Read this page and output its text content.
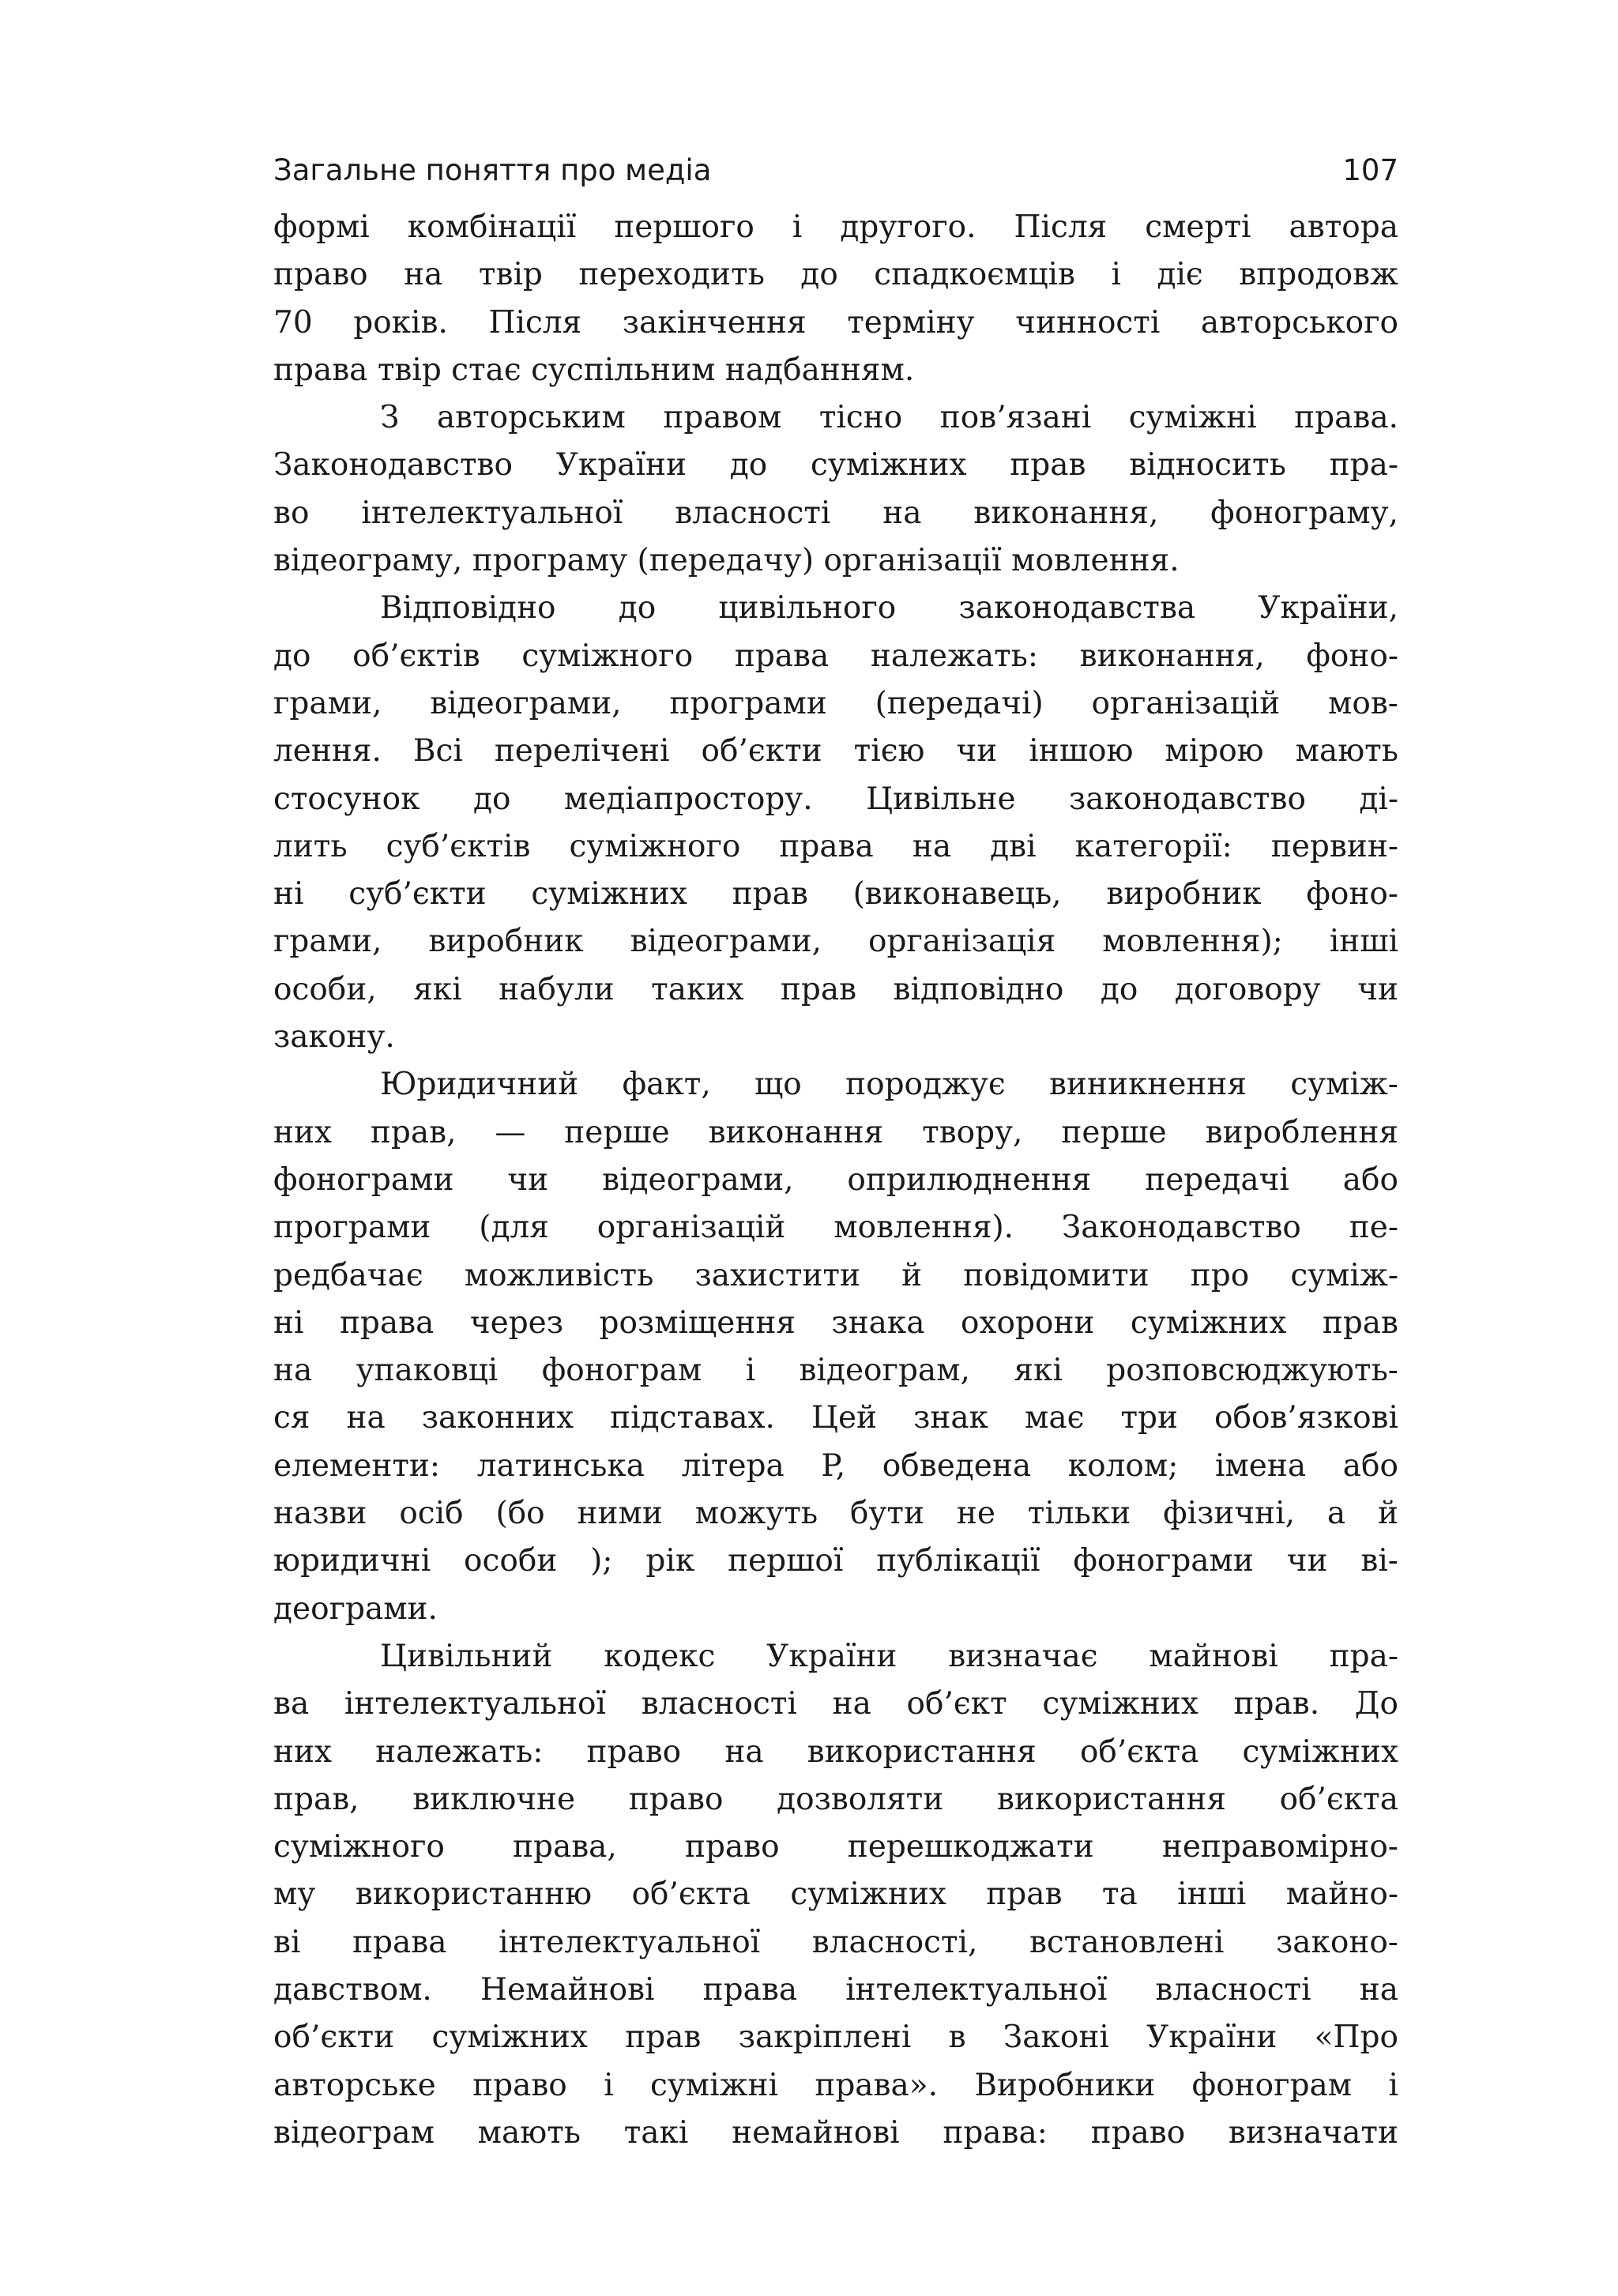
Загальне поняття про медіа	107
формі комбінації першого і другого. Після смерті автора
право на твір переходить до спадкоємців і діє впродовж
70 років. Після закінчення терміну чинності авторського
права твір стає суспільним надбанням.
З авторським правом тісно пов’язані суміжні права.
Законодавство України до суміжних прав відносить пра-
во інтелектуальної власності на виконання, фонограму,
відеограму, програму (передачу) організації мовлення.
Відповідно до цивільного законодавства України,
до об’єктів суміжного права належать: виконання, фоно-
грами, відеограми, програми (передачі) організацій мов-
лення. Всі перелічені об’єкти тією чи іншою мірою мають
стосунок до медіапростору. Цивільне законодавство ді-
лить суб’єктів суміжного права на дві категорії: первин-
ні суб’єкти суміжних прав (виконавець, виробник фоно-
грами, виробник відеограми, організація мовлення); інші
особи, які набули таких прав відповідно до договору чи
закону.
Юридичний факт, що породжує виникнення суміж-
них прав, — перше виконання твору, перше вироблення
фонограми чи відеограми, оприлюднення передачі або
програми (для організацій мовлення). Законодавство пе-
редбачає можливість захистити й повідомити про суміж-
ні права через розміщення знака охорони суміжних прав
на упаковці фонограм і відеограм, які розповсюджують-
ся на законних підставах. Цей знак має три обов’язкові
елементи: латинська літера P, обведена колом; імена або
назви осіб (бо ними можуть бути не тільки фізичні, а й
юридичні особи ); рік першої публікації фонограми чи ві-
деограми.
Цивільний кодекс України визначає майнові пра-
ва інтелектуальної власності на об’єкт суміжних прав. До
них належать: право на використання об’єкта суміжних
прав, виключне право дозволяти використання об’єкта
суміжного права, право перешкоджати неправомірно-
му використанню об’єкта суміжних прав та інші майно-
ві права інтелектуальної власності, встановлені законо-
давством. Немайнові права інтелектуальної власності на
об’єкти суміжних прав закріплені в Законі України «Про
авторське право і суміжні права». Виробники фонограм і
відеограм мають такі немайнові права: право визначати
